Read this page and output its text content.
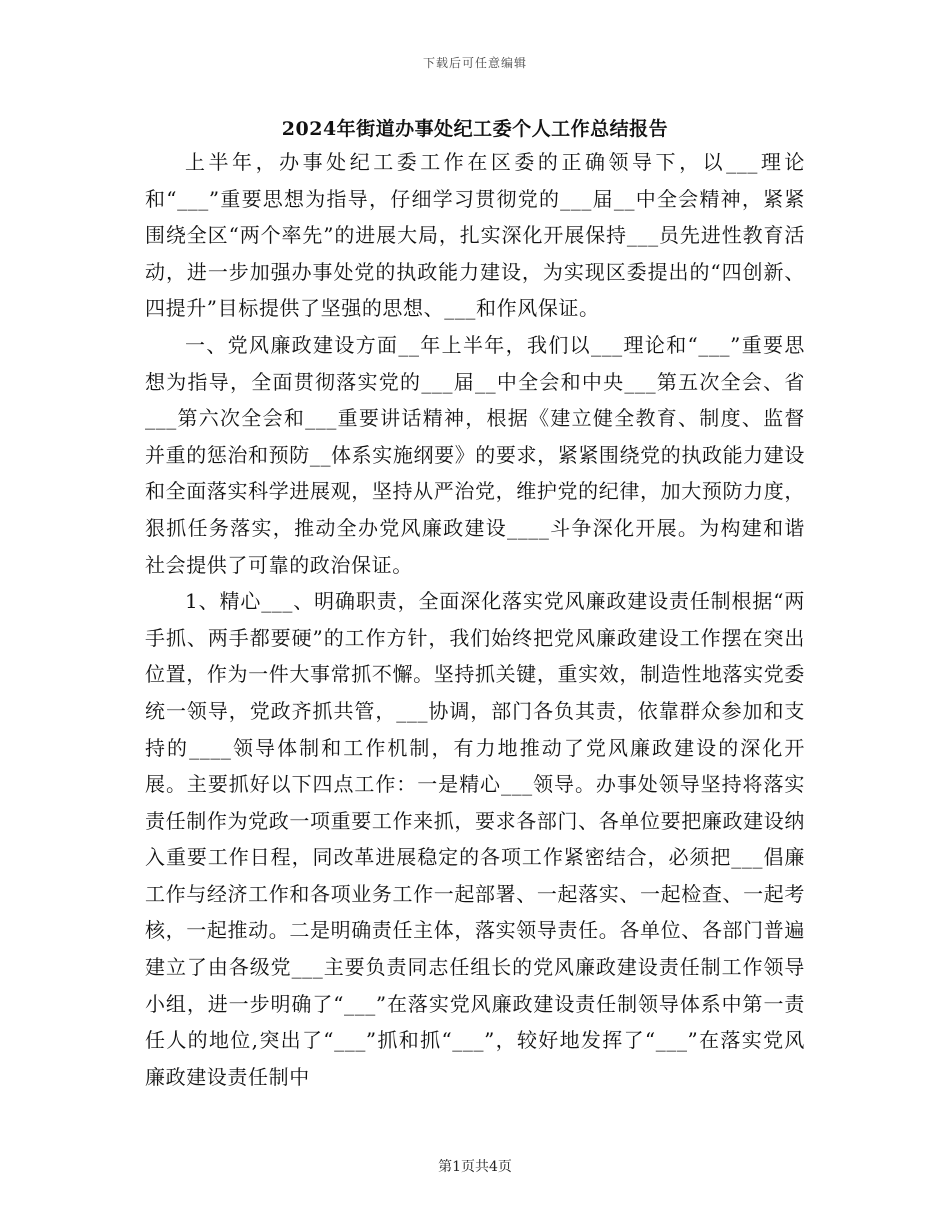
下载后可任意编辑
2024年街道办事处纪工委个人工作总结报告

上半年，办事处纪工委工作在区委的正确领导下，以___理论和“___”重要思想为指导，仔细学习贯彻党的___届__中全会精神，紧紧围绕全区“两个率先”的进展大局，扎实深化开展保持___员先进性教育活动，进一步加强办事处党的执政能力建设，为实现区委提出的“四创新、四提升”目标提供了坚强的思想、___和作风保证。

一、党风廉政建设方面__年上半年，我们以___理论和“___”重要思想为指导，全面贯彻落实党的___届__中全会和中央___第五次全会、省___第六次全会和___重要讲话精神，根据《建立健全教育、制度、监督并重的惩治和预防__体系实施纲要》的要求，紧紧围绕党的执政能力建设和全面落实科学进展观，坚持从严治党，维护党的纪律，加大预防力度，狠抓任务落实，推动全办党风廉政建设____斗争深化开展。为构建和谐社会提供了可靠的政治保证。

1、精心___、明确职责，全面深化落实党风廉政建设责任制根据“两手抓、两手都要硬”的工作方针，我们始终把党风廉政建设工作摆在突出位置，作为一件大事常抓不懈。坚持抓关键，重实效，制造性地落实党委统一领导，党政齐抓共管，___协调，部门各负其责，依靠群众参加和支持的____领导体制和工作机制，有力地推动了党风廉政建设的深化开展。主要抓好以下四点工作：一是精心___领导。办事处领导坚持将落实责任制作为党政一项重要工作来抓，要求各部门、各单位要把廉政建设纳入重要工作日程，同改革进展稳定的各项工作紧密结合，必须把___倡廉工作与经济工作和各项业务工作一起部署、一起落实、一起检查、一起考核，一起推动。二是明确责任主体，落实领导责任。各单位、各部门普遍建立了由各级党___主要负责同志任组长的党风廉政建设责任制工作领导小组，进一步明确了“___”在落实党风廉政建设责任制领导体系中第一责任人的地位,突出了“___”抓和抓“___”，较好地发挥了“___”在落实党风廉政建设责任制中

第1页共4页
